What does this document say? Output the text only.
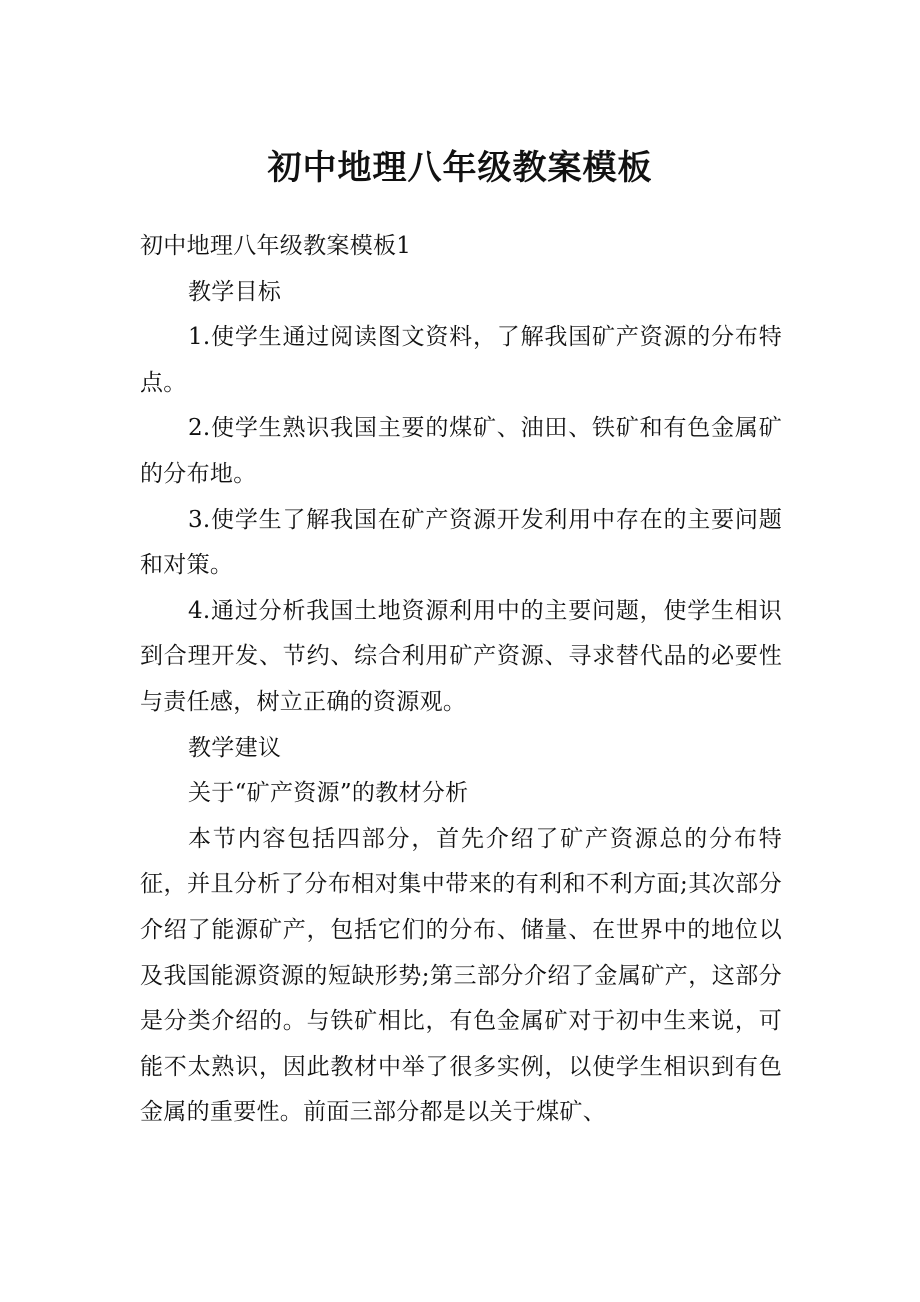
初中地理八年级教案模板

初中地理八年级教案模板1

教学目标

1.使学生通过阅读图文资料，了解我国矿产资源的分布特点。

2.使学生熟识我国主要的煤矿、油田、铁矿和有色金属矿的分布地。

3.使学生了解我国在矿产资源开发利用中存在的主要问题和对策。

4.通过分析我国土地资源利用中的主要问题，使学生相识到合理开发、节约、综合利用矿产资源、寻求替代品的必要性与责任感，树立正确的资源观。

教学建议

关于“矿产资源”的教材分析

本节内容包括四部分，首先介绍了矿产资源总的分布特征，并且分析了分布相对集中带来的有利和不利方面;其次部分介绍了能源矿产，包括它们的分布、储量、在世界中的地位以及我国能源资源的短缺形势;第三部分介绍了金属矿产，这部分是分类介绍的。与铁矿相比，有色金属矿对于初中生来说，可能不太熟识，因此教材中举了很多实例，以使学生相识到有色金属的重要性。前面三部分都是以关于煤矿、
